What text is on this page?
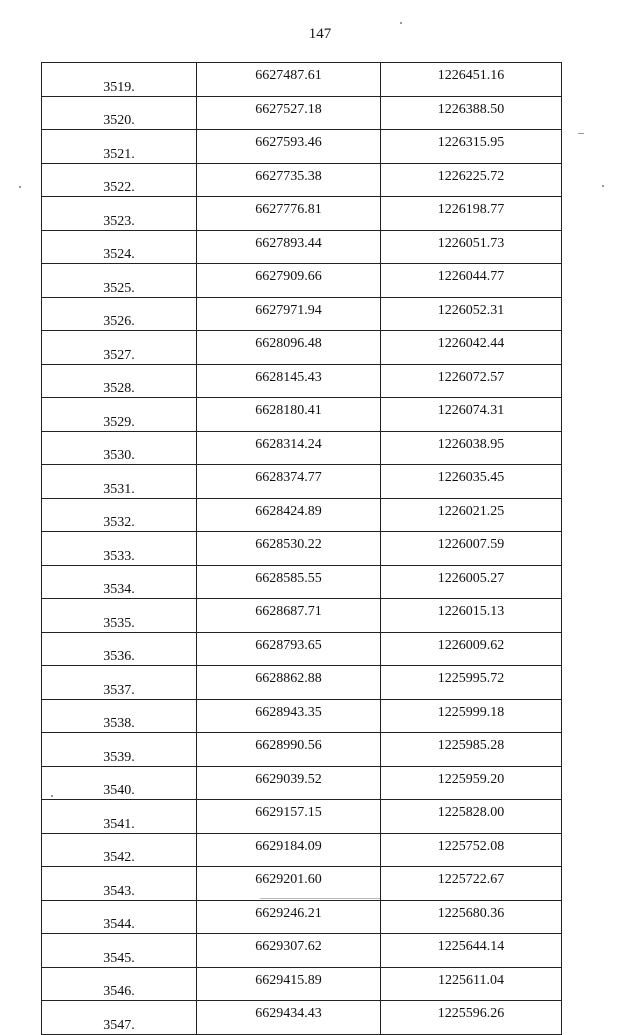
147
3519.	6627487.61	1226451.16
3520.	6627527.18	1226388.50
3521.	6627593.46	1226315.95
3522.	6627735.38	1226225.72
3523.	6627776.81	1226198.77
3524.	6627893.44	1226051.73
3525.	6627909.66	1226044.77
3526.	6627971.94	1226052.31
3527.	6628096.48	1226042.44
3528.	6628145.43	1226072.57
3529.	6628180.41	1226074.31
3530.	6628314.24	1226038.95
3531.	6628374.77	1226035.45
3532.	6628424.89	1226021.25
3533.	6628530.22	1226007.59
3534.	6628585.55	1226005.27
3535.	6628687.71	1226015.13
3536.	6628793.65	1226009.62
3537.	6628862.88	1225995.72
3538.	6628943.35	1225999.18
3539.	6628990.56	1225985.28
3540.	6629039.52	1225959.20
3541.	6629157.15	1225828.00
3542.	6629184.09	1225752.08
3543.	6629201.60	1225722.67
3544.	6629246.21	1225680.36
3545.	6629307.62	1225644.14
3546.	6629415.89	1225611.04
3547.	6629434.43	1225596.26
